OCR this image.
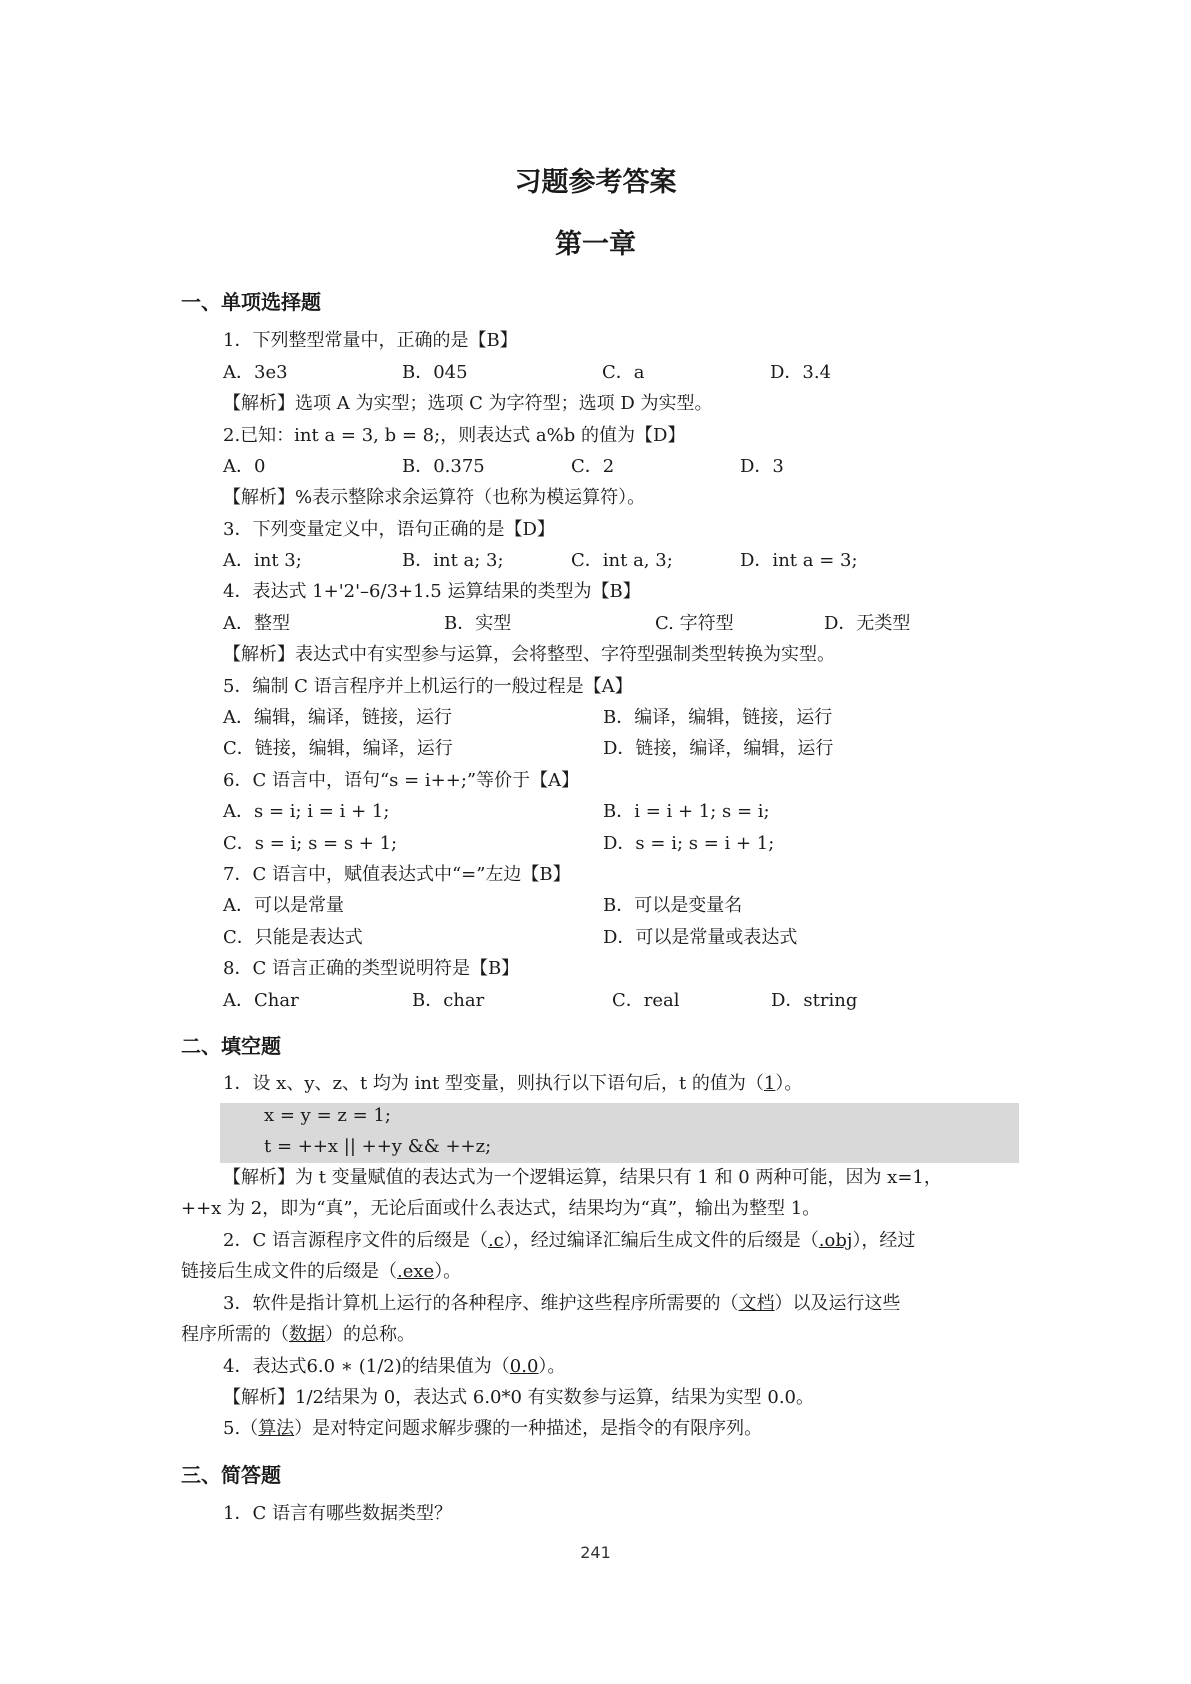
习题参考答案
第一章
一、单项选择题
1．下列整型常量中，正确的是【B】
A．3e3	B．045	C．a	D．3.4
【解析】选项 A 为实型；选项 C 为字符型；选项 D 为实型。
2.已知：int a = 3, b = 8;，则表达式 a%b 的值为【D】
A．0	B．0.375	C．2	D．3
【解析】%表示整除求余运算符（也称为模运算符）。
3．下列变量定义中，语句正确的是【D】
A．int 3;	B．int a; 3;	C．int a, 3;	D．int a = 3;
4．表达式 1+'2'–6/3+1.5 运算结果的类型为【B】
A．整型	B．实型	C. 字符型	D．无类型
【解析】表达式中有实型参与运算，会将整型、字符型强制类型转换为实型。
5．编制 C 语言程序并上机运行的一般过程是【A】
A．编辑，编译，链接，运行	B．编译，编辑，链接，运行
C．链接，编辑，编译，运行	D．链接，编译，编辑，运行
6．C 语言中，语句“s = i++;”等价于【A】
A．s = i; i = i + 1;	B．i = i + 1; s = i;
C．s = i; s = s + 1;	D．s = i; s = i + 1;
7．C 语言中，赋值表达式中“=”左边【B】
A．可以是常量	B．可以是变量名
C．只能是表达式	D．可以是常量或表达式
8．C 语言正确的类型说明符是【B】
A．Char	B．char	C．real	D．string
二、填空题
1．设 x、y、z、t 均为 int 型变量，则执行以下语句后，t 的值为（1）。
x = y = z = 1;
t = ++x || ++y && ++z;
【解析】为 t 变量赋值的表达式为一个逻辑运算，结果只有 1 和 0 两种可能，因为 x=1，
++x 为 2，即为“真”，无论后面或什么表达式，结果均为“真”，输出为整型 1。
2．C 语言源程序文件的后缀是（.c），经过编译汇编后生成文件的后缀是（.obj），经过
链接后生成文件的后缀是（.exe）。
3．软件是指计算机上运行的各种程序、维护这些程序所需要的（文档）以及运行这些
程序所需的（数据）的总称。
4．表达式6.0 ∗ (1/2)的结果值为（0.0）。
【解析】1/2结果为 0，表达式 6.0*0 有实数参与运算，结果为实型 0.0。
5.（算法）是对特定问题求解步骤的一种描述，是指令的有限序列。
三、简答题
1．C 语言有哪些数据类型？
241
